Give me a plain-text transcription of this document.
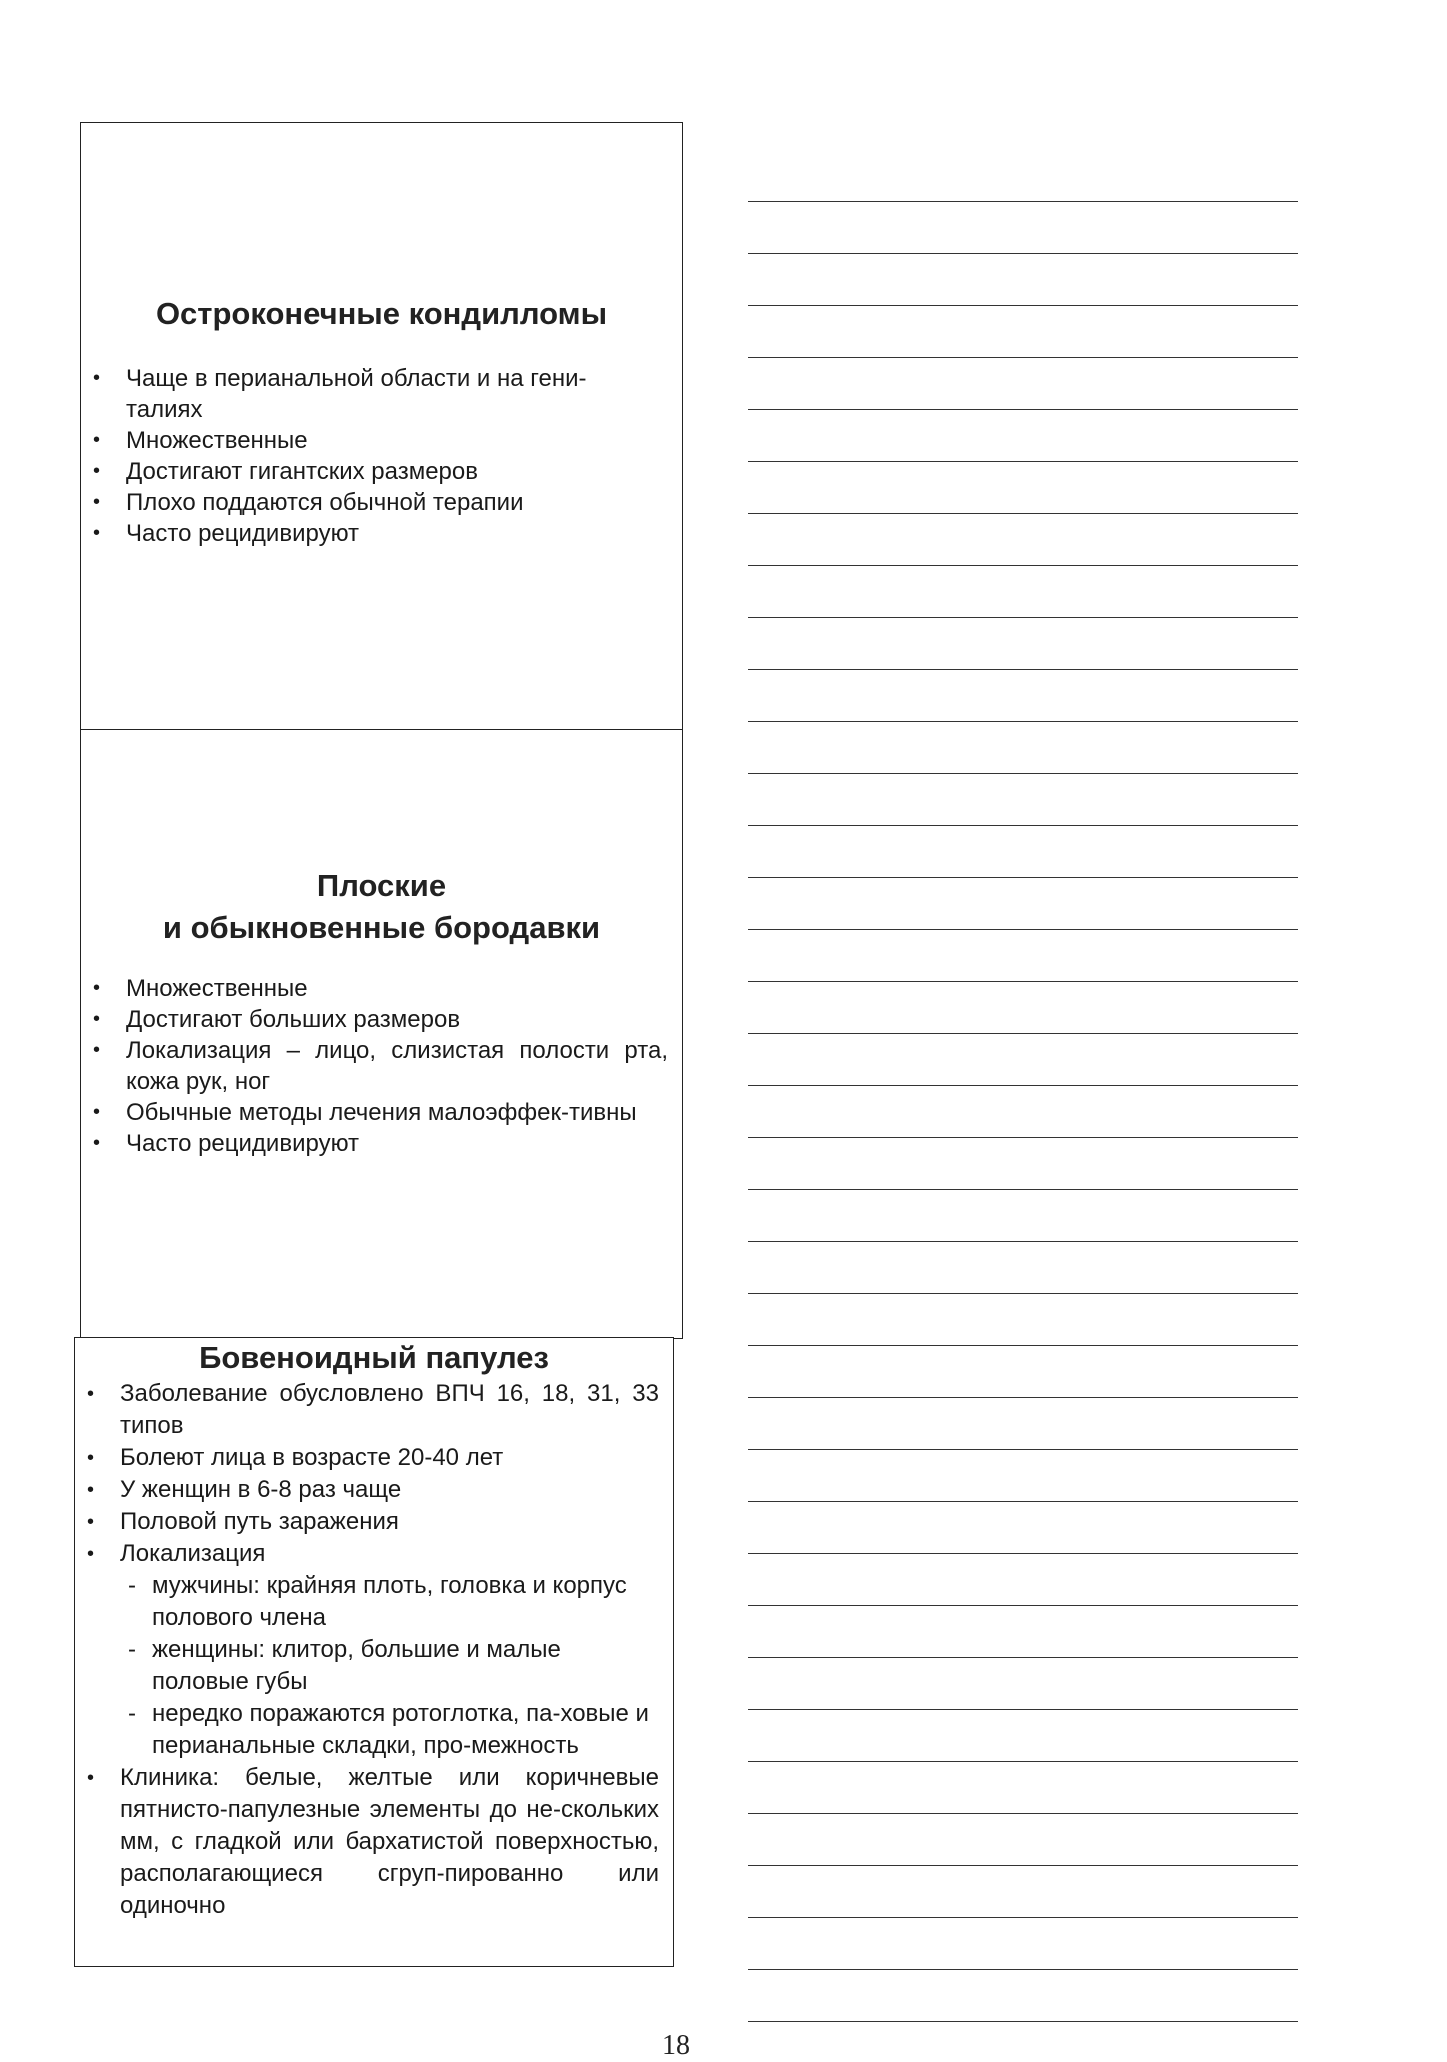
Остроконечные кондилломы
• Чаще в перианальной области и на гени-
талиях
• Множественные
• Достигают гигантских размеров
• Плохо поддаются обычной терапии
• Часто рецидивируют
Плоские
и обыкновенные бородавки
• Множественные
• Достигают больших размеров
• Локализация – лицо, слизистая полости рта, кожа рук, ног
• Обычные методы лечения малоэффек-тивны
• Часто рецидивируют
Бовеноидный папулез
• Заболевание обусловлено ВПЧ 16, 18, 31, 33 типов
• Болеют лица в возрасте 20-40 лет
• У женщин в 6-8 раз чаще
• Половой путь заражения
• Локализация
- мужчины: крайняя плоть, головка и корпус полового члена
- женщины: клитор, большие и малые половые губы
- нередко поражаются ротоглотка, па-ховые и перианальные складки, про-межность
• Клиника: белые, желтые или коричневые пятнисто-папулезные элементы до не-скольких мм, с гладкой или бархатистой поверхностью, располагающиеся сгруп-пированно или одиночно
18
